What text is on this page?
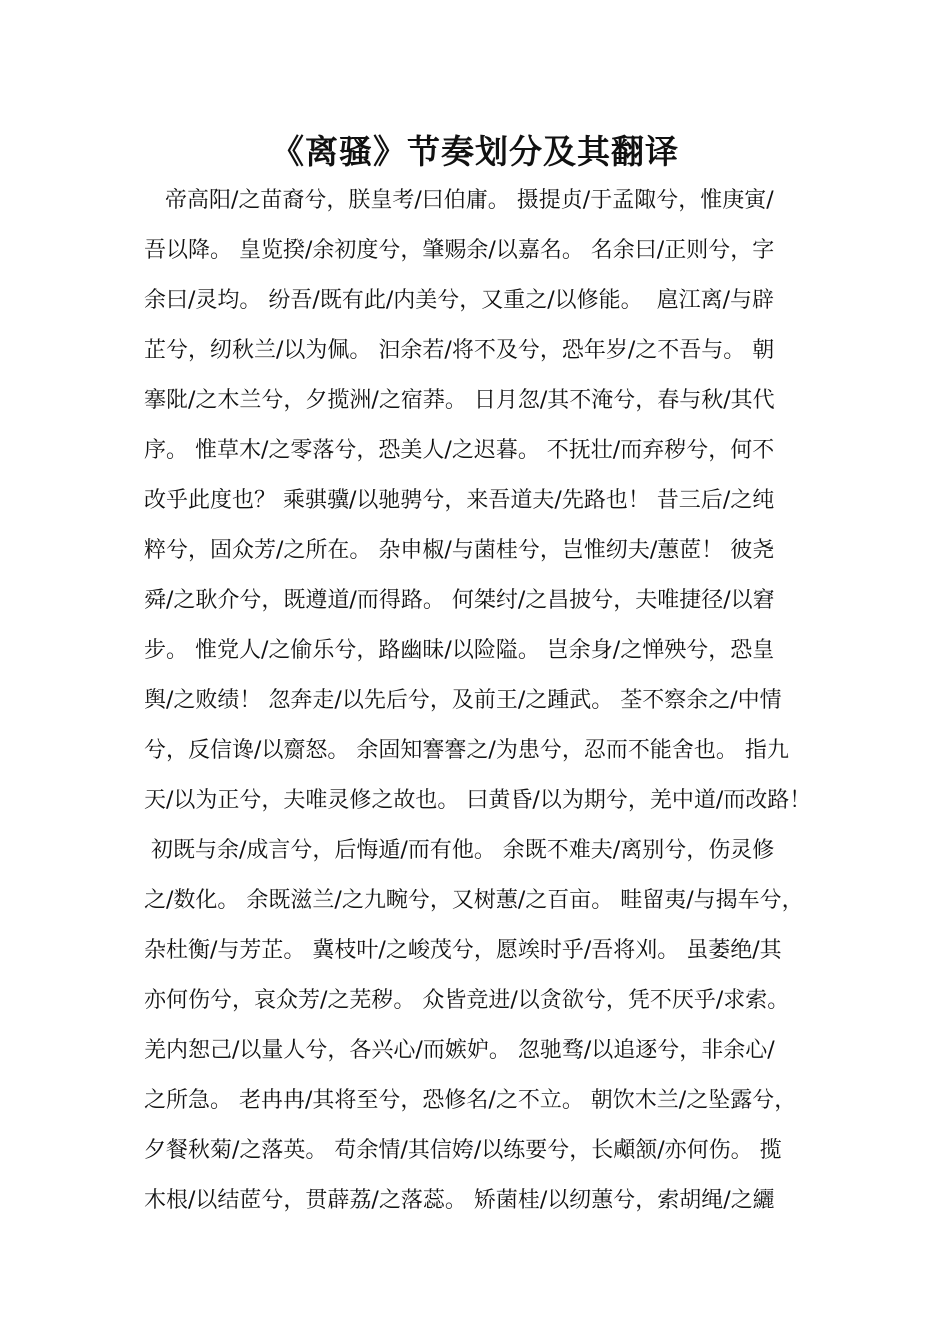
《离骚》节奏划分及其翻译
帝高阳/之苗裔兮，朕皇考/曰伯庸。 摄提贞/于孟陬兮，惟庚寅/
吾以降。 皇览揆/余初度兮，肇赐余/以嘉名。 名余曰/正则兮，字
余曰/灵均。 纷吾/既有此/内美兮，又重之/以修能。  扈江离/与辟
芷兮，纫秋兰/以为佩。 汩余若/将不及兮，恐年岁/之不吾与。 朝
搴阰/之木兰兮，夕揽洲/之宿莽。 日月忽/其不淹兮，春与秋/其代
序。 惟草木/之零落兮，恐美人/之迟暮。 不抚壮/而弃秽兮，何不
改乎此度也？ 乘骐骥/以驰骋兮，来吾道夫/先路也！ 昔三后/之纯
粹兮，固众芳/之所在。 杂申椒/与菌桂兮，岂惟纫夫/蕙茝！ 彼尧
舜/之耿介兮，既遵道/而得路。 何桀纣/之昌披兮，夫唯捷径/以窘
步。 惟党人/之偷乐兮，路幽昧/以险隘。 岂余身/之惮殃兮，恐皇
舆/之败绩！ 忽奔走/以先后兮，及前王/之踵武。 荃不察余之/中情
兮，反信谗/以齌怒。 余固知謇謇之/为患兮，忍而不能舍也。 指九
天/以为正兮，夫唯灵修之故也。 曰黄昏/以为期兮，羌中道/而改路！
初既与余/成言兮，后悔遁/而有他。 余既不难夫/离别兮，伤灵修
之/数化。 余既滋兰/之九畹兮，又树蕙/之百亩。 畦留夷/与揭车兮，
杂杜衡/与芳芷。 冀枝叶/之峻茂兮，愿竢时乎/吾将刈。 虽萎绝/其
亦何伤兮，哀众芳/之芜秽。 众皆竞进/以贪欲兮，凭不厌乎/求索。
羌内恕己/以量人兮，各兴心/而嫉妒。 忽驰骛/以追逐兮，非余心/
之所急。 老冉冉/其将至兮，恐修名/之不立。 朝饮木兰/之坠露兮，
夕餐秋菊/之落英。 苟余情/其信姱/以练要兮，长顑颔/亦何伤。 揽
木根/以结茝兮，贯薜荔/之落蕊。 矫菌桂/以纫蕙兮，索胡绳/之纚
